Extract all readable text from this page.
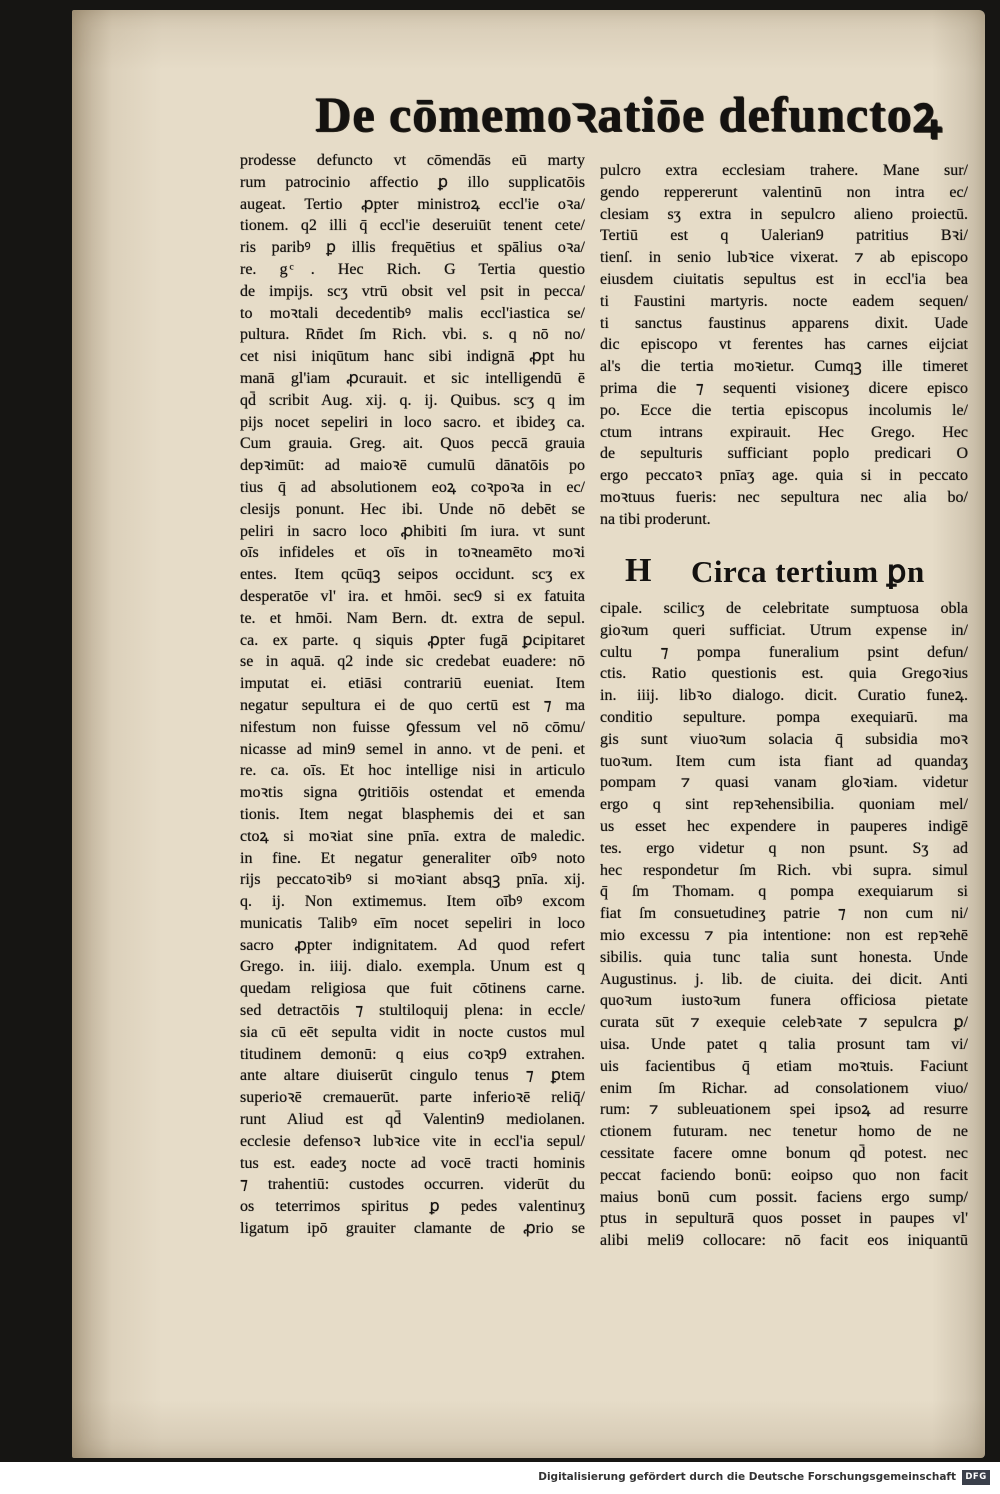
De cōmemoꝛatiōe defunctoꝝ
prodesse defuncto vt cōmendās eū marty
rum patrocinio affectio ꝑ illo supplicatōis
augeat. Tertio ꝓpter ministroꝝ eccl'ie oꝛa/
tionem. q2 illi q̄ eccl'ie deseruiūt tenent cete/
ris paribꝰ ꝑ illis frequētius et spālius oꝛa/
re. g ͨ. Hec Rich. G Tertia questio
de impijs. scʒ vtrū obsit vel psit in pecca/
to moꝛtali decedentibꝰ malis eccl'iastica se/
pultura. Rn̄det ſm Rich. vbi. s. q nō no/
cet nisi iniqūtum hanc sibi indignā ꝓpt hu
manā gl'iam ꝓcurauit. et sic intelligendū ē
qd̄ scribit Aug. xij. q. ij. Quibus. scʒ q im
pijs nocet sepeliri in loco sacro. et ibideʒ ca.
Cum grauia. Greg. ait. Quos peccā grauia
depꝛimūt: ad maioꝛē cumulū dānatōis po
tius q̄ ad absolutionem eoꝝ coꝛpoꝛa in ec/
clesijs ponunt. Hec ibi. Unde nō debēt se
peliri in sacro loco ꝓhibiti ſm iura. vt sunt
oīs infideles et oīs in toꝛneamēto moꝛi
entes. Item qcūqꝫ seipos occidunt. scʒ ex
desperatōe vl' ira. et hmōi. sec9 si ex fatuita
te. et hmōi. Nam Bern. dt. extra de sepul.
ca. ex parte. q siquis ꝓpter fugā ꝑcipitaret
se in aquā. q2 inde sic credebat euadere: nō
imputat ei. etiāsi contrariū eueniat. Item
negatur sepultura ei de quo certū est ⁊ ma
nifestum non fuisse ꝯfessum vel nō cōmu/
nicasse ad min9 semel in anno. vt de peni. et
re. ca. oīs. Et hoc intellige nisi in articulo
moꝛtis signa ꝯtritiōis ostendat et emenda
tionis. Item negat blasphemis dei et san
ctoꝝ si moꝛiat sine pnīa. extra de maledic.
in fine. Et negatur generaliter oībꝰ noto
rijs peccatoꝛibꝰ si moꝛiant absqꝫ pnīa. xij.
q. ij. Non extimemus. Item oībꝰ excom
municatis Talibꝰ eīm nocet sepeliri in loco
sacro ꝓpter indignitatem. Ad quod refert
Grego. in. iiij. dialo. exempla. Unum est q
quedam religiosa que fuit cōtinens carne.
sed detractōis ⁊ stultiloquij plena: in eccle/
sia cū eēt sepulta vidit in nocte custos mul
titudinem demonū: q eius coꝛp9 extrahen.
ante altare diuiserūt cingulo tenus ⁊ ꝑtem
superioꝛē cremauerūt. parte inferioꝛē reliq̄/
runt Aliud est qd̄ Valentin9 mediolanen.
ecclesie defensoꝛ lubꝛice vite in eccl'ia sepul/
tus est. eadeʒ nocte ad vocē tracti hominis
⁊ trahentiū: custodes occurren. viderūt du
os teterrimos spiritus ꝑ pedes valentinuʒ
ligatum ipō grauiter clamante de ꝓrio se
pulcro extra ecclesiam trahere. Mane sur/
gendo reppererunt valentinū non intra ec/
clesiam sʒ extra in sepulcro alieno proiectū.
Tertiū est q Ualerian9 patritius Bꝛi/
tienſ. in senio lubꝛice vixerat. ⁊ ab episcopo
eiusdem ciuitatis sepultus est in eccl'ia bea
ti Faustini martyris. nocte eadem sequen/
ti sanctus faustinus apparens dixit. Uade
dic episcopo vt ferentes has carnes eijciat
al's die tertia moꝛietur. Cumqꝫ ille timeret
prima die ⁊ sequenti visioneʒ dicere episco
po. Ecce die tertia episcopus incolumis le/
ctum intrans expirauit. Hec Grego. Hec
de sepulturis sufficiant poplo predicari O
ergo peccatoꝛ pnīaʒ age. quia si in peccato
moꝛtuus fueris: nec sepultura nec alia bo/
na tibi proderunt.
H Circa tertium ꝑn
cipale. scilicʒ de celebritate sumptuosa obla
gioꝛum queri sufficiat. Utrum expense in/
cultu ⁊ pompa funeralium psint defun/
ctis. Ratio questionis est. quia Gregoꝛius
in. iiij. libꝛo dialogo. dicit. Curatio funeꝝ.
conditio sepulture. pompa exequiarū. ma
gis sunt viuoꝛum solacia q̄ subsidia moꝛ
tuoꝛum. Item cum ista fiant ad quandaʒ
pompam ⁊ quasi vanam gloꝛiam. videtur
ergo q sint repꝛehensibilia. quoniam mel/
us esset hec expendere in pauperes indigē
tes. ergo videtur q non psunt. Sʒ ad
hec respondetur ſm Rich. vbi supra. simul
q̄ ſm Thomam. q pompa exequiarum si
fiat ſm consuetudineʒ patrie ⁊ non cum ni/
mio excessu ⁊ pia intentione: non est repꝛehē
sibilis. quia tunc talia sunt honesta. Unde
Augustinus. j. lib. de ciuita. dei dicit. Anti
quoꝛum iustoꝛum funera officiosa pietate
curata sūt ⁊ exequie celebꝛate ⁊ sepulcra ꝑ/
uisa. Unde patet q talia prosunt tam vi/
uis facientibus q̄ etiam moꝛtuis. Faciunt
enim ſm Richar. ad consolationem viuo/
rum: ⁊ subleuationem spei ipsoꝝ ad resurre
ctionem futuram. nec tenetur homo de ne
cessitate facere omne bonum qd̄ potest. nec
peccat faciendo bonū: eoipso quo non facit
maius bonū cum possit. faciens ergo sump/
ptus in sepulturā quos posset in paupes vl'
alibi meli9 collocare: nō facit eos iniquantū
Digitalisierung gefördert durch die Deutsche Forschungsgemeinschaft	DFG
